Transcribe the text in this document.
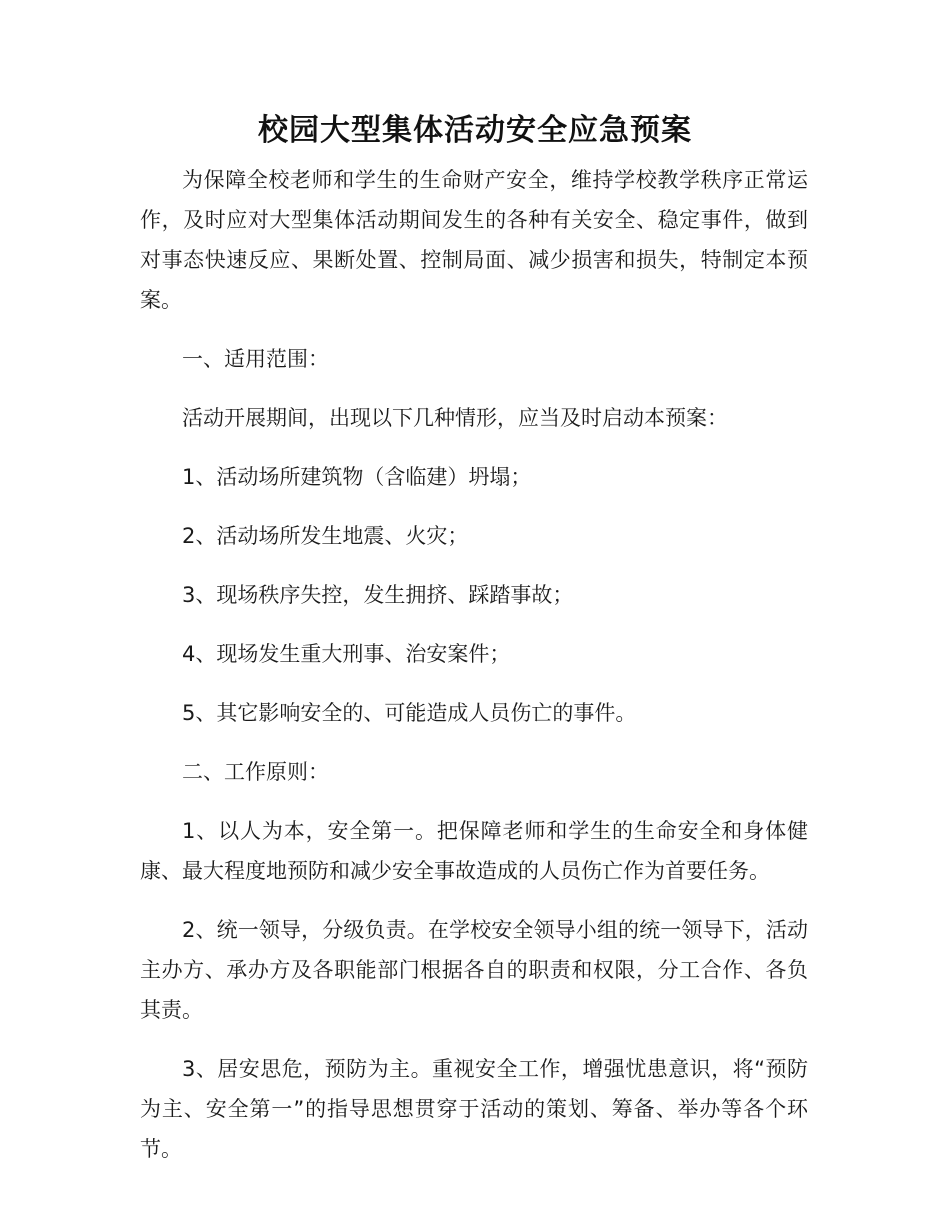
校园大型集体活动安全应急预案

为保障全校老师和学生的生命财产安全，维持学校教学秩序正常运作，及时应对大型集体活动期间发生的各种有关安全、稳定事件，做到对事态快速反应、果断处置、控制局面、减少损害和损失，特制定本预案。

一、适用范围：

活动开展期间，出现以下几种情形，应当及时启动本预案：

1、活动场所建筑物（含临建）坍塌；

2、活动场所发生地震、火灾；

3、现场秩序失控，发生拥挤、踩踏事故；

4、现场发生重大刑事、治安案件；

5、其它影响安全的、可能造成人员伤亡的事件。

二、工作原则：

1、以人为本，安全第一。把保障老师和学生的生命安全和身体健康、最大程度地预防和减少安全事故造成的人员伤亡作为首要任务。

2、统一领导，分级负责。在学校安全领导小组的统一领导下，活动主办方、承办方及各职能部门根据各自的职责和权限，分工合作、各负其责。

3、居安思危，预防为主。重视安全工作，增强忧患意识，将“预防为主、安全第一”的指导思想贯穿于活动的策划、筹备、举办等各个环节。
